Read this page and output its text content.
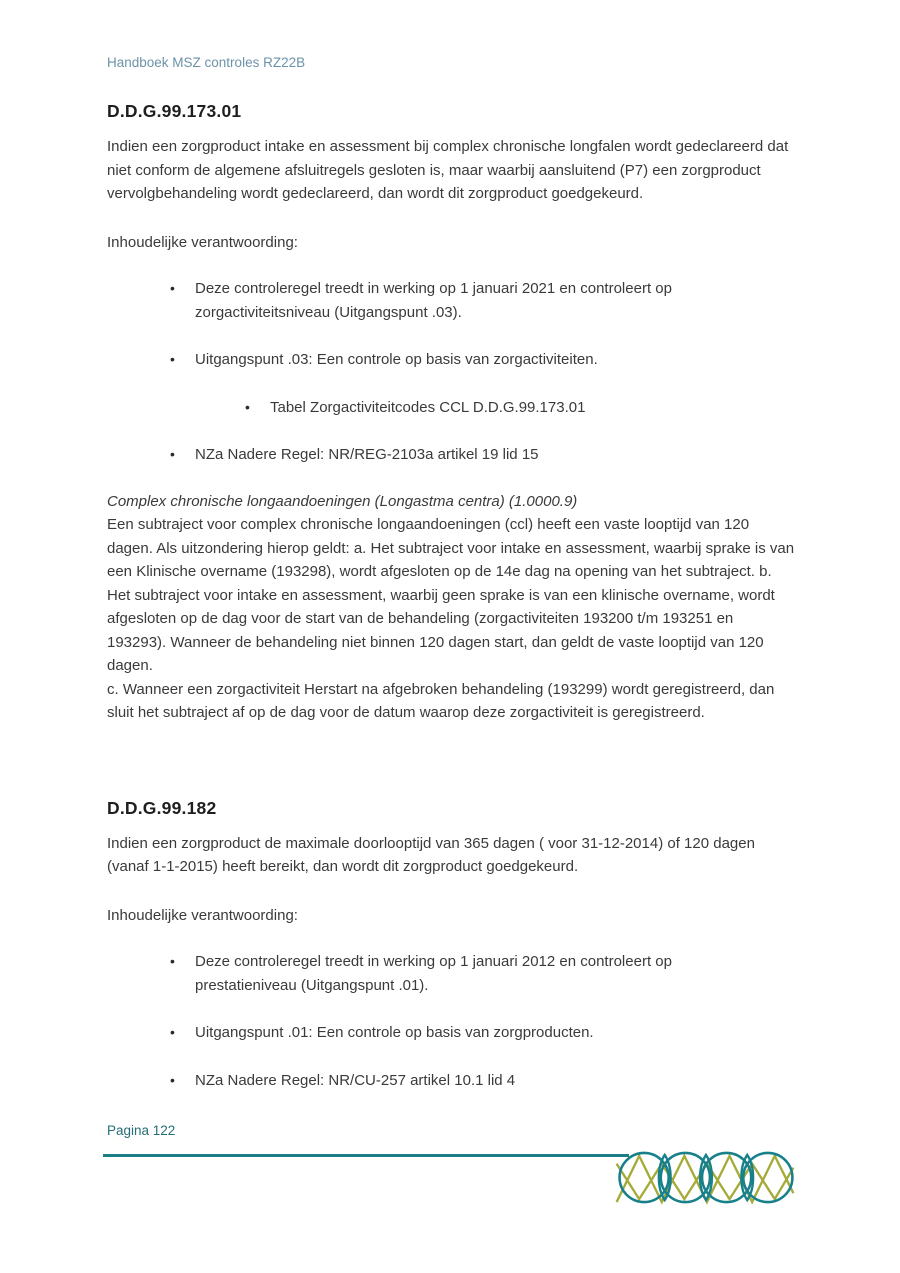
Handboek MSZ controles RZ22B
D.D.G.99.173.01
Indien een zorgproduct intake en assessment bij complex chronische longfalen wordt gedeclareerd dat niet conform de algemene afsluitregels gesloten is, maar waarbij aansluitend (P7) een zorgproduct vervolgbehandeling wordt gedeclareerd, dan wordt dit zorgproduct goedgekeurd.
Inhoudelijke verantwoording:
•	Deze controleregel treedt in werking op 1 januari 2021 en controleert op zorgactiviteitsniveau (Uitgangspunt .03).
•	Uitgangspunt .03: Een controle op basis van zorgactiviteiten.
•	Tabel Zorgactiviteitcodes CCL D.D.G.99.173.01
•	NZa Nadere Regel: NR/REG-2103a artikel 19 lid 15
Complex chronische longaandoeningen (Longastma centra) (1.0000.9)
Een subtraject voor complex chronische longaandoeningen (ccl) heeft een vaste looptijd van 120 dagen. Als uitzondering hierop geldt: a. Het subtraject voor intake en assessment, waarbij sprake is van een Klinische overname (193298), wordt afgesloten op de 14e dag na opening van het subtraject. b. Het subtraject voor intake en assessment, waarbij geen sprake is van een klinische overname, wordt afgesloten op de dag voor de start van de behandeling (zorgactiviteiten 193200 t/m 193251 en 193293). Wanneer de behandeling niet binnen 120 dagen start, dan geldt de vaste looptijd van 120 dagen.
c. Wanneer een zorgactiviteit Herstart na afgebroken behandeling (193299) wordt geregistreerd, dan sluit het subtraject af op de dag voor de datum waarop deze zorgactiviteit is geregistreerd.
D.D.G.99.182
Indien een zorgproduct de maximale doorlooptijd van 365 dagen ( voor 31-12-2014) of 120 dagen (vanaf 1-1-2015) heeft bereikt, dan wordt dit zorgproduct goedgekeurd.
Inhoudelijke verantwoording:
•	Deze controleregel treedt in werking op 1 januari 2012 en controleert op prestatieniveau (Uitgangspunt .01).
•	Uitgangspunt .01: Een controle op basis van zorgproducten.
•	NZa Nadere Regel: NR/CU-257 artikel 10.1 lid 4
Pagina 122
